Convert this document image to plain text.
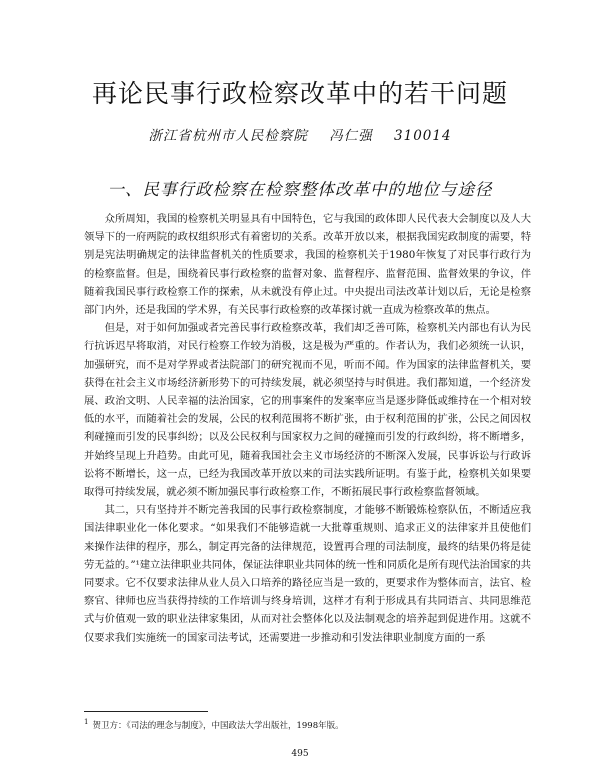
再论民事行政检察改革中的若干问题
浙江省杭州市人民检察院 冯仁强 310014
一、民事行政检察在检察整体改革中的地位与途径

众所周知，我国的检察机关明显具有中国特色，它与我国的政体即人民代表大会制度以及人大领导下的一府两院的政权组织形式有着密切的关系。改革开放以来，根据我国宪政制度的需要，特别是宪法明确规定的法律监督机关的性质要求，我国的检察机关于1980年恢复了对民事行政行为的检察监督。但是，围绕着民事行政检察的监督对象、监督程序、监督范围、监督效果的争议，伴随着我国民事行政检察工作的探索，从未就没有停止过。中央提出司法改革计划以后，无论是检察部门内外，还是我国的学术界，有关民事行政检察的改革探讨就一直成为检察改革的焦点。

但是，对于如何加强或者完善民事行政检察改革，我们却乏善可陈，检察机关内部也有认为民行抗诉迟早将取消，对民行检察工作较为消极，这是极为严重的。作者认为，我们必须统一认识，加强研究，而不是对学界或者法院部门的研究视而不见，听而不闻。作为国家的法律监督机关，要获得在社会主义市场经济新形势下的可持续发展，就必须坚持与时俱进。我们都知道，一个经济发展、政治文明、人民幸福的法治国家，它的刑事案件的发案率应当是逐步降低或维持在一个相对较低的水平，而随着社会的发展，公民的权利范围将不断扩张，由于权利范围的扩张，公民之间因权利碰撞而引发的民事纠纷；以及公民权利与国家权力之间的碰撞而引发的行政纠纷，将不断增多，并始终呈现上升趋势。由此可见，随着我国社会主义市场经济的不断深入发展，民事诉讼与行政诉讼将不断增长，这一点，已经为我国改革开放以来的司法实践所证明。有鉴于此，检察机关如果要取得可持续发展，就必须不断加强民事行政检察工作，不断拓展民事行政检察监督领域。

其二，只有坚持并不断完善我国的民事行政检察制度，才能够不断锻炼检察队伍，不断适应我国法律职业化一体化要求。“如果我们不能够造就一大批尊重规则、追求正义的法律家并且使他们来操作法律的程序，那么，制定再完备的法律规范，设置再合理的司法制度，最终的结果仍将是徒劳无益的。”¹建立法律职业共同体，保证法律职业共同体的统一性和同质化是所有现代法治国家的共同要求。它不仅要求法律从业人员入口培养的路径应当是一致的，更要求作为整体而言，法官、检察官、律师也应当获得持续的工作培训与终身培训，这样才有利于形成具有共同语言、共同思维范式与价值观一致的职业法律家集团，从而对社会整体化以及法制观念的培养起到促进作用。这就不仅要求我们实施统一的国家司法考试，还需要进一步推动和引发法律职业制度方面的一系

$^1$ 贺卫方：《司法的理念与制度》，中国政法大学出版社，1998年版。
495
